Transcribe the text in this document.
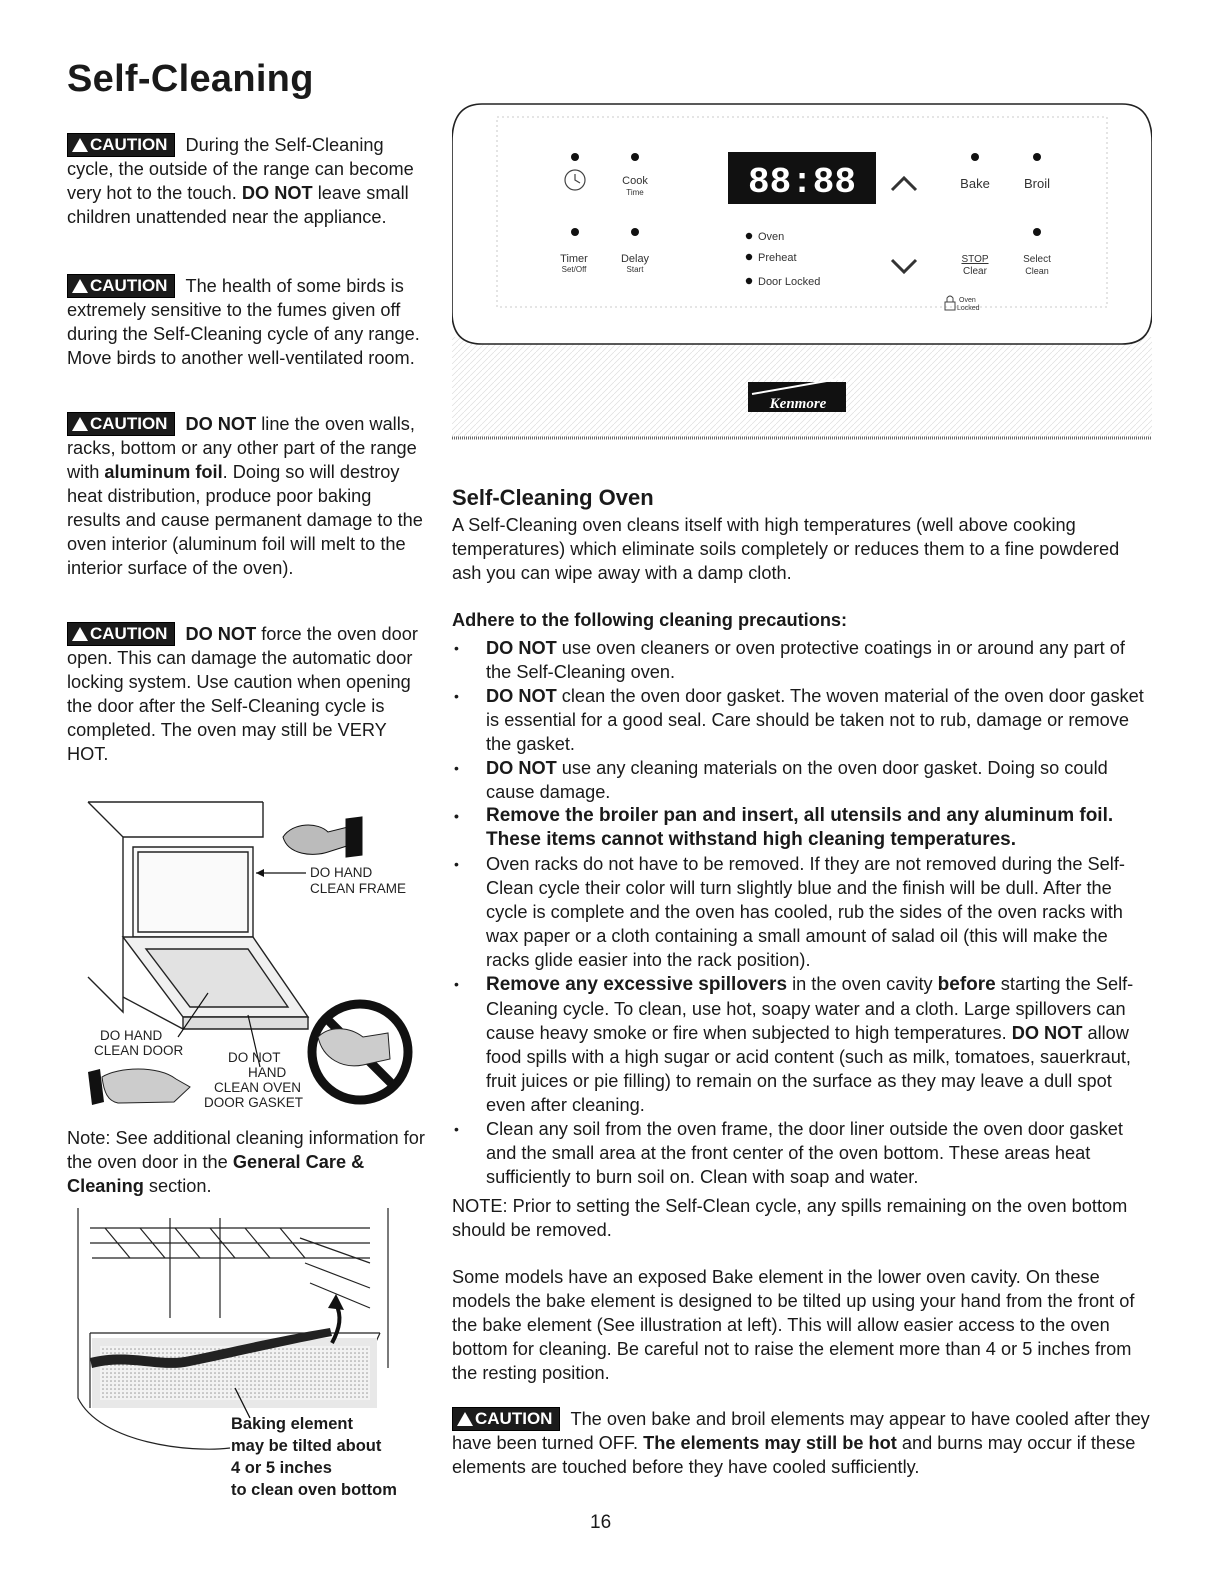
Self-Cleaning

CAUTION During the Self-Cleaning cycle, the outside of the range can become very hot to the touch. DO NOT leave small children unattended near the appliance.

CAUTION The health of some birds is extremely sensitive to the fumes given off during the Self-Cleaning cycle of any range. Move birds to another well-ventilated room.

CAUTION DO NOT line the oven walls, racks, bottom or any other part of the range with aluminum foil. Doing so will destroy heat distribution, produce poor baking results and cause permanent damage to the oven interior (aluminum foil will melt to the interior surface of the oven).

CAUTION DO NOT force the oven door open. This can damage the automatic door locking system. Use caution when opening the door after the Self-Cleaning cycle is completed. The oven may still be VERY HOT.

DO HAND
CLEAN FRAME
DO HAND
CLEAN DOOR	DO NOT
HAND
CLEAN OVEN
DOOR GASKET

Note: See additional cleaning information for the oven door in the General Care & Cleaning section.

Baking element
may be tilted about
4 or 5 inches
to clean oven bottom
Cook
Time
Timer
Set/Off
Delay
Start
88:88
Oven
Preheat
Door Locked
Bake	Broil
STOP
Clear
Select
Clean
Oven
Locked
Kenmore
Self-Cleaning Oven

A Self-Cleaning oven cleans itself with high temperatures (well above cooking temperatures) which eliminate soils completely or reduces them to a fine powdered ash you can wipe away with a damp cloth.

Adhere to the following cleaning precautions:

• DO NOT use oven cleaners or oven protective coatings in or around any part of the Self-Cleaning oven.
• DO NOT clean the oven door gasket. The woven material of the oven door gasket is essential for a good seal. Care should be taken not to rub, damage or remove the gasket.
• DO NOT use any cleaning materials on the oven door gasket. Doing so could cause damage.
• Remove the broiler pan and insert, all utensils and any aluminum foil. These items cannot withstand high cleaning temperatures.
• Oven racks do not have to be removed. If they are not removed during the Self-Clean cycle their color will turn slightly blue and the finish will be dull. After the cycle is complete and the oven has cooled, rub the sides of the oven racks with wax paper or a cloth containing a small amount of salad oil (this will make the racks glide easier into the rack position).
• Remove any excessive spillovers in the oven cavity before starting the Self-Cleaning cycle. To clean, use hot, soapy water and a cloth. Large spillovers can cause heavy smoke or fire when subjected to high temperatures. DO NOT allow food spills with a high sugar or acid content (such as milk, tomatoes, sauerkraut, fruit juices or pie filling) to remain on the surface as they may leave a dull spot even after cleaning.
• Clean any soil from the oven frame, the door liner outside the oven door gasket and the small area at the front center of the oven bottom. These areas heat sufficiently to burn soil on. Clean with soap and water.

NOTE: Prior to setting the Self-Clean cycle, any spills remaining on the oven bottom should be removed.

Some models have an exposed Bake element in the lower oven cavity. On these models the bake element is designed to be tilted up using your hand from the front of the bake element (See illustration at left). This will allow easier access to the oven bottom for cleaning. Be careful not to raise the element more than 4 or 5 inches from the resting position.

CAUTION The oven bake and broil elements may appear to have cooled after they have been turned OFF. The elements may still be hot and burns may occur if these elements are touched before they have cooled sufficiently.

16
